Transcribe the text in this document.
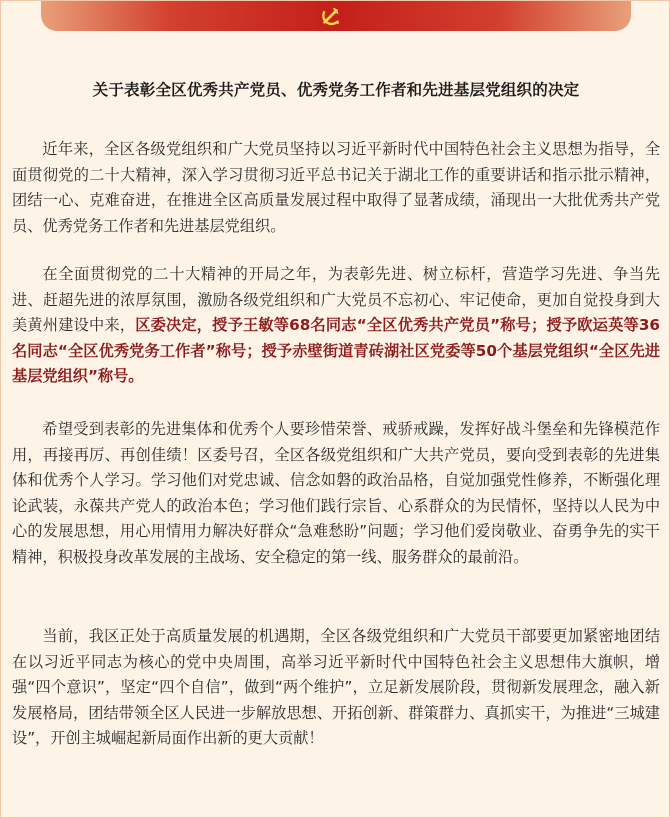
关于表彰全区优秀共产党员、优秀党务工作者和先进基层党组织的决定

近年来，全区各级党组织和广大党员坚持以习近平新时代中国特色社会主义思想为指导，全面贯彻党的二十大精神，深入学习贯彻习近平总书记关于湖北工作的重要讲话和指示批示精神，团结一心、克难奋进，在推进全区高质量发展过程中取得了显著成绩，涌现出一大批优秀共产党员、优秀党务工作者和先进基层党组织。

在全面贯彻党的二十大精神的开局之年，为表彰先进、树立标杆，营造学习先进、争当先进、赶超先进的浓厚氛围，激励各级党组织和广大党员不忘初心、牢记使命，更加自觉投身到大美黄州建设中来，区委决定，授予王敏等68名同志“全区优秀共产党员”称号；授予欧运英等36名同志“全区优秀党务工作者”称号；授予赤壁街道青砖湖社区党委等50个基层党组织“全区先进基层党组织”称号。

希望受到表彰的先进集体和优秀个人要珍惜荣誉、戒骄戒躁，发挥好战斗堡垒和先锋模范作用，再接再厉、再创佳绩！区委号召，全区各级党组织和广大共产党员，要向受到表彰的先进集体和优秀个人学习。学习他们对党忠诚、信念如磐的政治品格，自觉加强党性修养，不断强化理论武装，永葆共产党人的政治本色；学习他们践行宗旨、心系群众的为民情怀，坚持以人民为中心的发展思想，用心用情用力解决好群众“急难愁盼”问题；学习他们爱岗敬业、奋勇争先的实干精神，积极投身改革发展的主战场、安全稳定的第一线、服务群众的最前沿。

当前，我区正处于高质量发展的机遇期，全区各级党组织和广大党员干部要更加紧密地团结在以习近平同志为核心的党中央周围，高举习近平新时代中国特色社会主义思想伟大旗帜，增强“四个意识”，坚定“四个自信”，做到“两个维护”，立足新发展阶段，贯彻新发展理念，融入新发展格局，团结带领全区人民进一步解放思想、开拓创新、群策群力、真抓实干，为推进“三城建设”，开创主城崛起新局面作出新的更大贡献！
